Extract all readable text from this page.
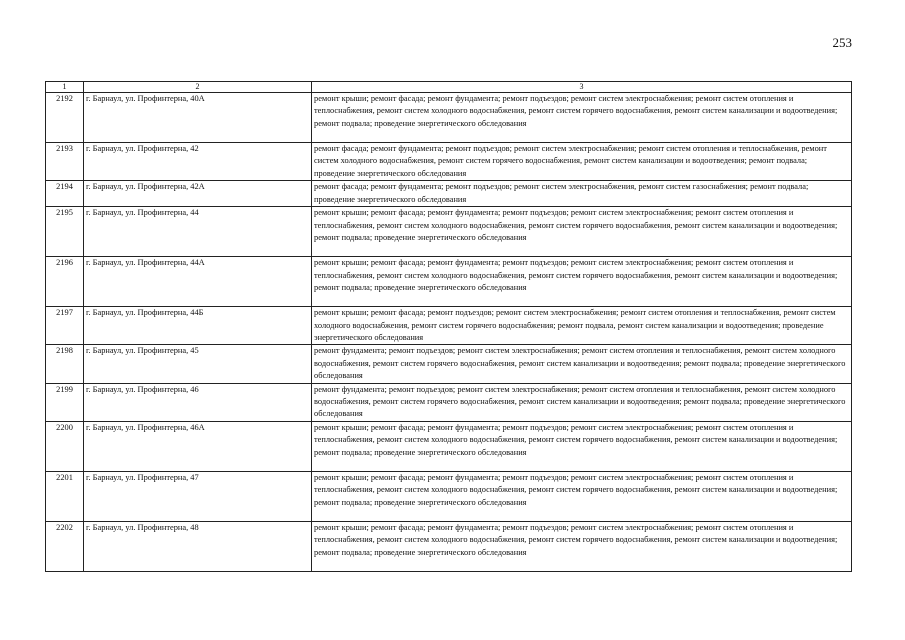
253
1	2	3
2192	г. Барнаул, ул. Профинтерна, 40А	ремонт крыши; ремонт фасада; ремонт фундамента; ремонт подъездов; ремонт систем электроснабжения; ремонт систем отопления и теплоснабжения, ремонт систем холодного водоснабжения, ремонт систем горячего водоснабжения, ремонт систем канализации и водоотведения; ремонт подвала; проведение энергетического обследования
2193	г. Барнаул, ул. Профинтерна, 42	ремонт фасада; ремонт фундамента; ремонт подъездов; ремонт систем электроснабжения; ремонт систем отопления и теплоснабжения, ремонт систем холодного водоснабжения, ремонт систем горячего водоснабжения, ремонт систем канализации и водоотведения; ремонт подвала; проведение энергетического обследования
2194	г. Барнаул, ул. Профинтерна, 42А	ремонт фасада; ремонт фундамента; ремонт подъездов; ремонт систем электроснабжения, ремонт систем газоснабжения; ремонт подвала; проведение энергетического обследования
2195	г. Барнаул, ул. Профинтерна, 44	ремонт крыши; ремонт фасада; ремонт фундамента; ремонт подъездов; ремонт систем электроснабжения; ремонт систем отопления и теплоснабжения, ремонт систем холодного водоснабжения, ремонт систем горячего водоснабжения, ремонт систем канализации и водоотведения; ремонт подвала; проведение энергетического обследования
2196	г. Барнаул, ул. Профинтерна, 44А	ремонт крыши; ремонт фасада; ремонт фундамента; ремонт подъездов; ремонт систем электроснабжения; ремонт систем отопления и теплоснабжения, ремонт систем холодного водоснабжения, ремонт систем горячего водоснабжения, ремонт систем канализации и водоотведения; ремонт подвала; проведение энергетического обследования
2197	г. Барнаул, ул. Профинтерна, 44Б	ремонт крыши; ремонт фасада; ремонт подъездов; ремонт систем электроснабжения; ремонт систем отопления и теплоснабжения, ремонт систем холодного водоснабжения, ремонт систем горячего водоснабжения; ремонт подвала, ремонт систем канализации и водоотведения; проведение энергетического обследования
2198	г. Барнаул, ул. Профинтерна, 45	ремонт фундамента; ремонт подъездов; ремонт систем электроснабжения; ремонт систем отопления и теплоснабжения, ремонт систем холодного водоснабжения, ремонт систем горячего водоснабжения, ремонт систем канализации и водоотведения; ремонт подвала; проведение энергетического обследования
2199	г. Барнаул, ул. Профинтерна, 46	ремонт фундамента; ремонт подъездов; ремонт систем электроснабжения; ремонт систем отопления и теплоснабжения, ремонт систем холодного водоснабжения, ремонт систем горячего водоснабжения, ремонт систем канализации и водоотведения; ремонт подвала; проведение энергетического обследования
2200	г. Барнаул, ул. Профинтерна, 46А	ремонт крыши; ремонт фасада; ремонт фундамента; ремонт подъездов; ремонт систем электроснабжения; ремонт систем отопления и теплоснабжения, ремонт систем холодного водоснабжения, ремонт систем горячего водоснабжения, ремонт систем канализации и водоотведения; ремонт подвала; проведение энергетического обследования
2201	г. Барнаул, ул. Профинтерна, 47	ремонт крыши; ремонт фасада; ремонт фундамента; ремонт подъездов; ремонт систем электроснабжения; ремонт систем отопления и теплоснабжения, ремонт систем холодного водоснабжения, ремонт систем горячего водоснабжения, ремонт систем канализации и водоотведения; ремонт подвала; проведение энергетического обследования
2202	г. Барнаул, ул. Профинтерна, 48	ремонт крыши; ремонт фасада; ремонт фундамента; ремонт подъездов; ремонт систем электроснабжения; ремонт систем отопления и теплоснабжения, ремонт систем холодного водоснабжения, ремонт систем горячего водоснабжения, ремонт систем канализации и водоотведения; ремонт подвала; проведение энергетического обследования
